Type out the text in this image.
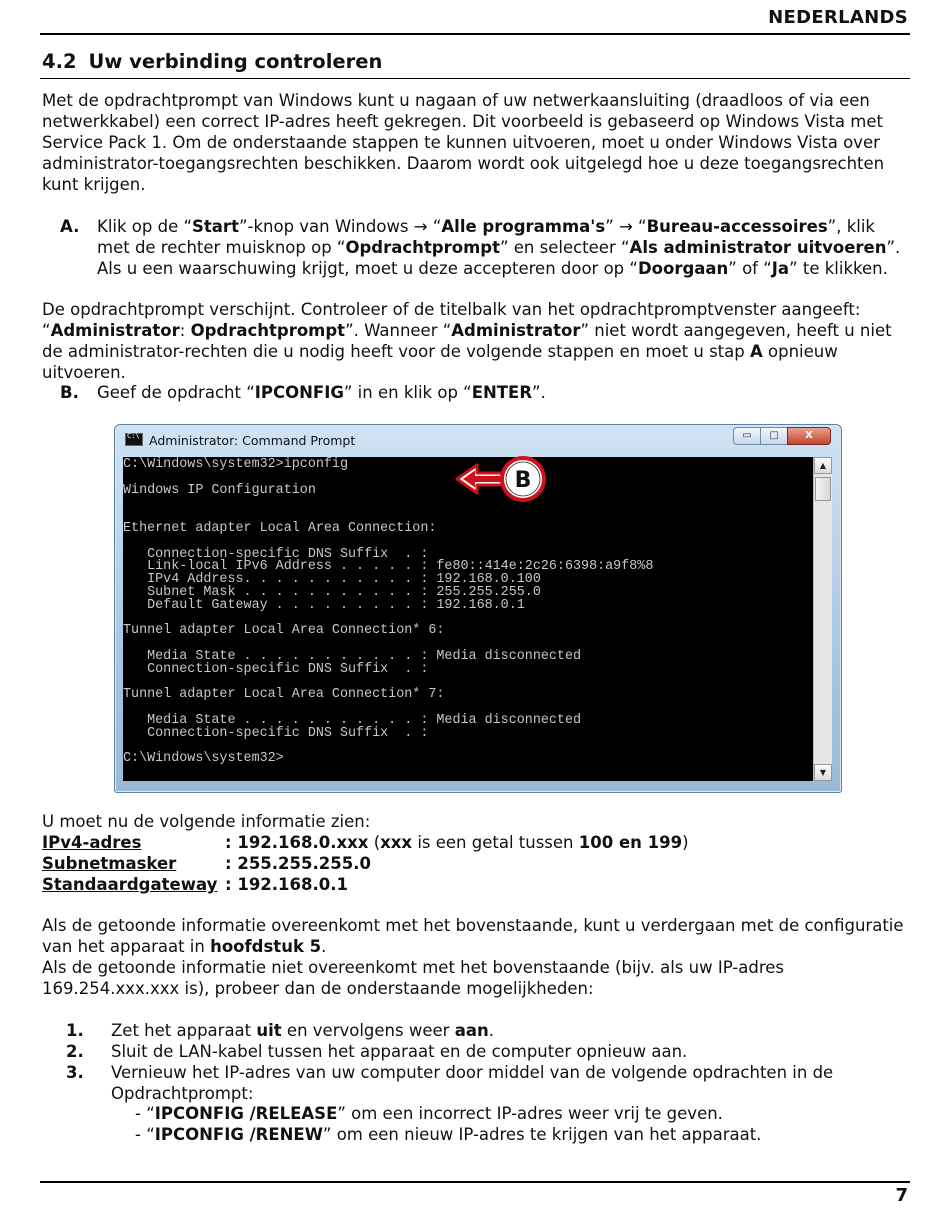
NEDERLANDS
4.2 Uw verbinding controleren
Met de opdrachtprompt van Windows kunt u nagaan of uw netwerkaansluiting (draadloos of via een netwerkkabel) een correct IP-adres heeft gekregen. Dit voorbeeld is gebaseerd op Windows Vista met Service Pack 1. Om de onderstaande stappen te kunnen uitvoeren, moet u onder Windows Vista over administrator-toegangsrechten beschikken. Daarom wordt ook uitgelegd hoe u deze toegangsrechten kunt krijgen.
A. Klik op de “Start”-knop van Windows → “Alle programma's” → “Bureau-accessoires”, klik met de rechter muisknop op “Opdrachtprompt” en selecteer “Als administrator uitvoeren”. Als u een waarschuwing krijgt, moet u deze accepteren door op “Doorgaan” of “Ja” te klikken.
De opdrachtprompt verschijnt. Controleer of de titelbalk van het opdrachtpromptvenster aangeeft: “Administrator: Opdrachtprompt”. Wanneer “Administrator” niet wordt aangegeven, heeft u niet de administrator-rechten die u nodig heeft voor de volgende stappen en moet u stap A opnieuw uitvoeren.
B. Geef de opdracht “IPCONFIG” in en klik op “ENTER”.
C:\Administrator: Command Prompt	▭	□	X
C:\Windows\system32>ipconfig

Windows IP Configuration

Ethernet adapter Local Area Connection:

Connection-specific DNS Suffix  . :
Link-local IPv6 Address . . . . . : fe80::414e:2c26:6398:a9f8%8
IPv4 Address. . . . . . . . . . . : 192.168.0.100
Subnet Mask . . . . . . . . . . . : 255.255.255.0
Default Gateway . . . . . . . . . : 192.168.0.1

Tunnel adapter Local Area Connection* 6:

Media State . . . . . . . . . . . : Media disconnected
Connection-specific DNS Suffix  . :

Tunnel adapter Local Area Connection* 7:

Media State . . . . . . . . . . . : Media disconnected
Connection-specific DNS Suffix  . :

C:\Windows\system32>
▲
▼
B
U moet nu de volgende informatie zien:
IPv4-adres	: 192.168.0.xxx (xxx is een getal tussen 100 en 199)
Subnetmasker	: 255.255.255.0
Standaardgateway : 192.168.0.1
Als de getoonde informatie overeenkomt met het bovenstaande, kunt u verdergaan met de configuratie van het apparaat in hoofdstuk 5.
Als de getoonde informatie niet overeenkomt met het bovenstaande (bijv. als uw IP-adres 169.254.xxx.xxx is), probeer dan de onderstaande mogelijkheden:
1. Zet het apparaat uit en vervolgens weer aan.
2. Sluit de LAN-kabel tussen het apparaat en de computer opnieuw aan.
3. Vernieuw het IP-adres van uw computer door middel van de volgende opdrachten in de Opdrachtprompt:
- “IPCONFIG /RELEASE” om een incorrect IP-adres weer vrij te geven.
- “IPCONFIG /RENEW” om een nieuw IP-adres te krijgen van het apparaat.
7
